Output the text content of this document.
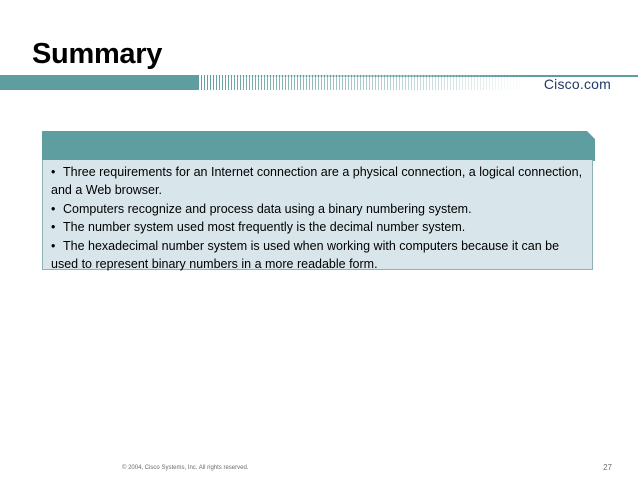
Summary
Cisco.com
• Three requirements for an Internet connection are a physical connection, a logical connection, and a Web browser.
• Computers recognize and process data using a binary numbering system.
• The number system used most frequently is the decimal number system.
• The hexadecimal number system is used when working with computers because it can be used to represent binary numbers in a more readable form.
© 2004, Cisco Systems, Inc. All rights reserved.	27
